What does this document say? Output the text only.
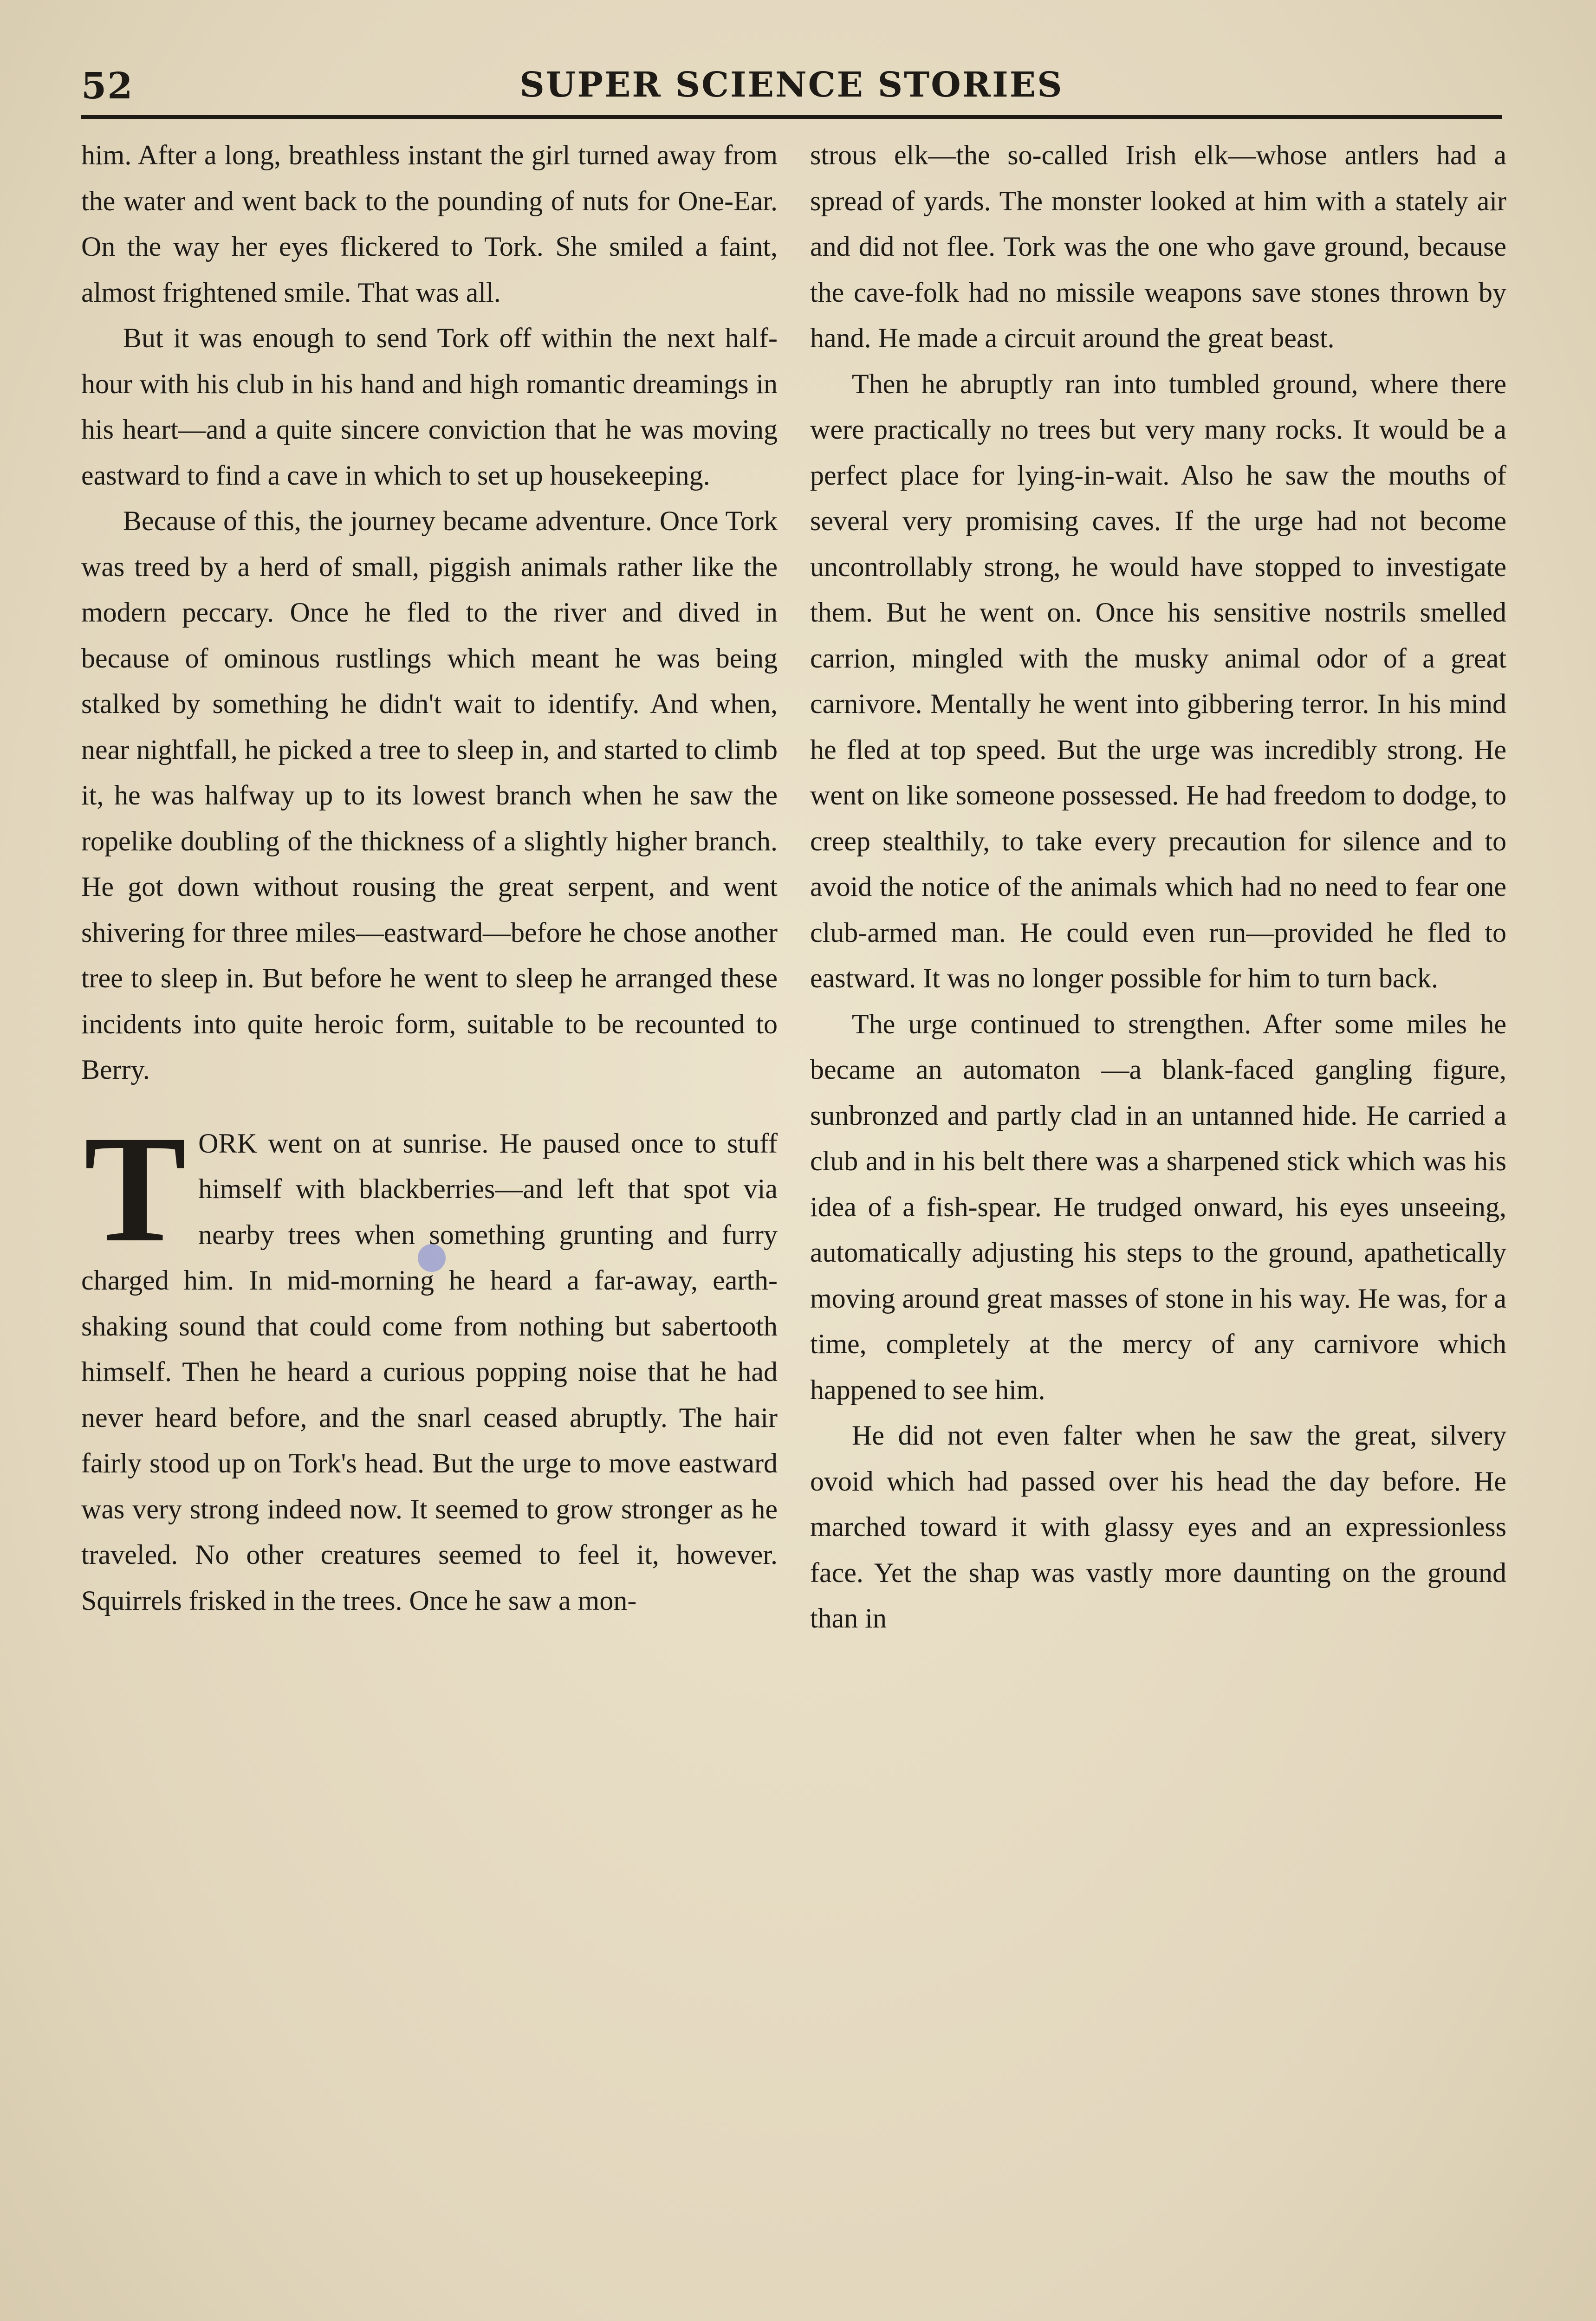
52	SUPER SCIENCE STORIES

him. After a long, breathless instant the girl turned away from the water and went back to the pounding of nuts for One-Ear. On the way her eyes flickered to Tork. She smiled a faint, almost frightened smile. That was all.

But it was enough to send Tork off within the next half-hour with his club in his hand and high romantic dreamings in his heart—and a quite sincere conviction that he was moving eastward to find a cave in which to set up housekeeping.

Because of this, the journey became adventure. Once Tork was treed by a herd of small, piggish animals rather like the modern peccary. Once he fled to the river and dived in because of ominous rustlings which meant he was being stalked by something he didn't wait to identify. And when, near nightfall, he picked a tree to sleep in, and started to climb it, he was halfway up to its lowest branch when he saw the ropelike doubling of the thickness of a slightly higher branch. He got down without rousing the great serpent, and went shivering for three miles—eastward—before he chose another tree to sleep in. But before he went to sleep he arranged these incidents into quite heroic form, suitable to be recounted to Berry.

TORK went on at sunrise. He paused once to stuff himself with blackberries—and left that spot via nearby trees when something grunting and furry charged him. In mid-morning he heard a far-away, earth-shaking sound that could come from nothing but sabertooth himself. Then he heard a curious popping noise that he had never heard before, and the snarl ceased abruptly. The hair fairly stood up on Tork's head. But the urge to move eastward was very strong indeed now. It seemed to grow stronger as he traveled. No other creatures seemed to feel it, however. Squirrels frisked in the trees. Once he saw a mon-

strous elk—the so-called Irish elk—whose antlers had a spread of yards. The monster looked at him with a stately air and did not flee. Tork was the one who gave ground, because the cave-folk had no missile weapons save stones thrown by hand. He made a circuit around the great beast.

Then he abruptly ran into tumbled ground, where there were practically no trees but very many rocks. It would be a perfect place for lying-in-wait. Also he saw the mouths of several very promising caves. If the urge had not become uncontrollably strong, he would have stopped to investigate them. But he went on. Once his sensitive nostrils smelled carrion, mingled with the musky animal odor of a great carnivore. Mentally he went into gibbering terror. In his mind he fled at top speed. But the urge was incredibly strong. He went on like someone possessed. He had freedom to dodge, to creep stealthily, to take every precaution for silence and to avoid the notice of the animals which had no need to fear one club-armed man. He could even run—provided he fled to eastward. It was no longer possible for him to turn back.

The urge continued to strengthen. After some miles he became an automaton —a blank-faced gangling figure, sunbronzed and partly clad in an untanned hide. He carried a club and in his belt there was a sharpened stick which was his idea of a fish-spear. He trudged onward, his eyes unseeing, automatically adjusting his steps to the ground, apathetically moving around great masses of stone in his way. He was, for a time, completely at the mercy of any carnivore which happened to see him.

He did not even falter when he saw the great, silvery ovoid which had passed over his head the day before. He marched toward it with glassy eyes and an expressionless face. Yet the shap was vastly more daunting on the ground than in
